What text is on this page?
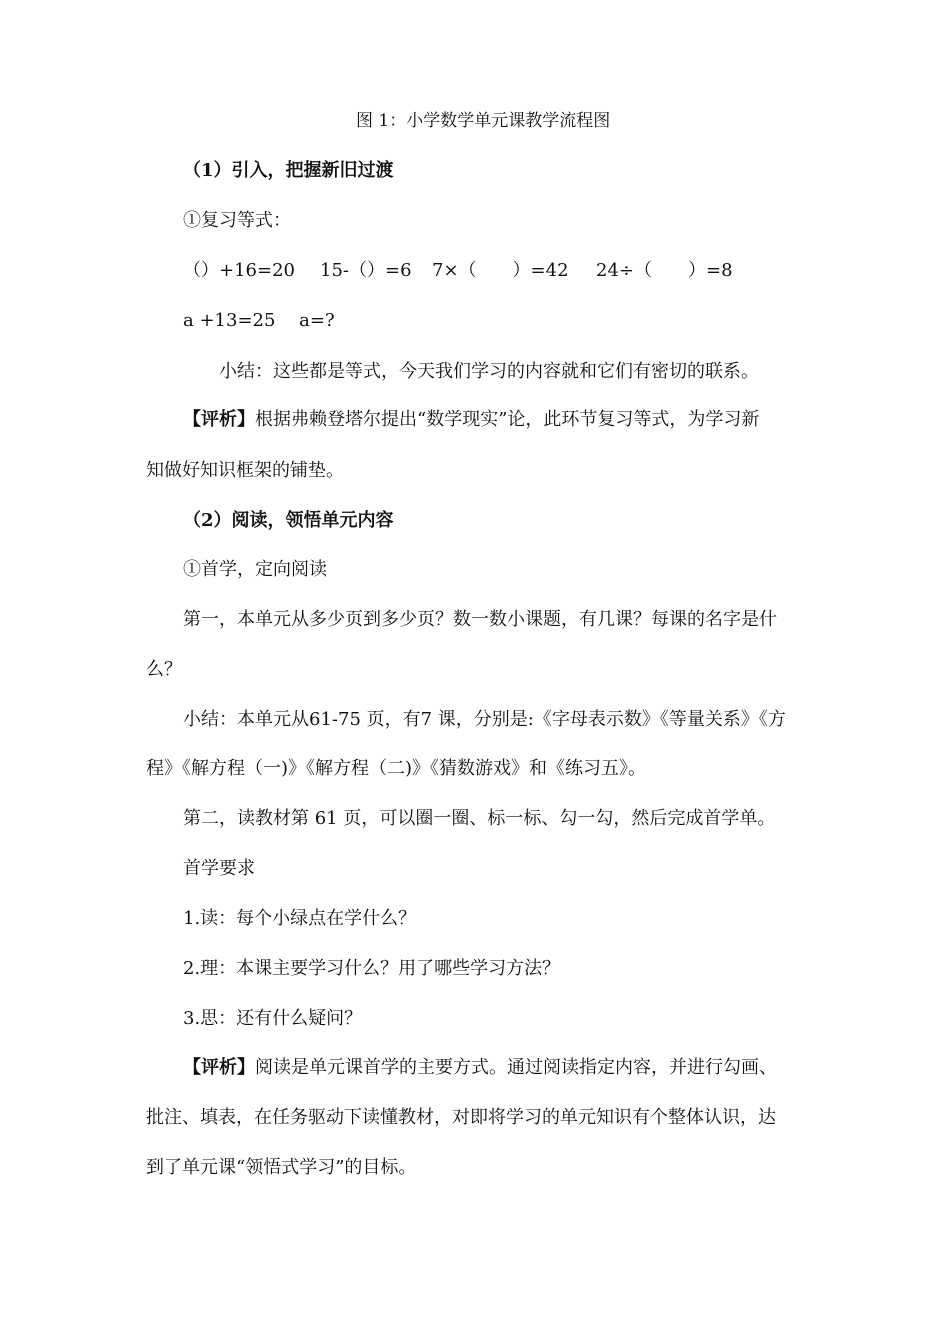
图 1：小学数学单元课教学流程图
（1）引入，把握新旧过渡
①复习等式：
（）+16=20 15-（）=6 7×（　　）=42 24÷（　　）=8
a +13=25　 a=?
小结：这些都是等式，今天我们学习的内容就和它们有密切的联系。
【评析】根据弗赖登塔尔提出“数学现实”论，此环节复习等式，为学习新
知做好知识框架的铺垫。
（2）阅读，领悟单元内容
①首学，定向阅读
第一，本单元从多少页到多少页？数一数小课题，有几课？每课的名字是什
么？
小结：本单元从61-75 页，有7 课，分别是:《字母表示数》《等量关系》《方
程》《解方程（一)》《解方程（二)》《猜数游戏》和《练习五》。
第二，读教材第 61 页，可以圈一圈、标一标、勾一勾，然后完成首学单。
首学要求
1.读：每个小绿点在学什么？
2.理：本课主要学习什么？用了哪些学习方法？
3.思：还有什么疑问？
【评析】阅读是单元课首学的主要方式。通过阅读指定内容，并进行勾画、
批注、填表，在任务驱动下读懂教材，对即将学习的单元知识有个整体认识，达
到了单元课“领悟式学习”的目标。
